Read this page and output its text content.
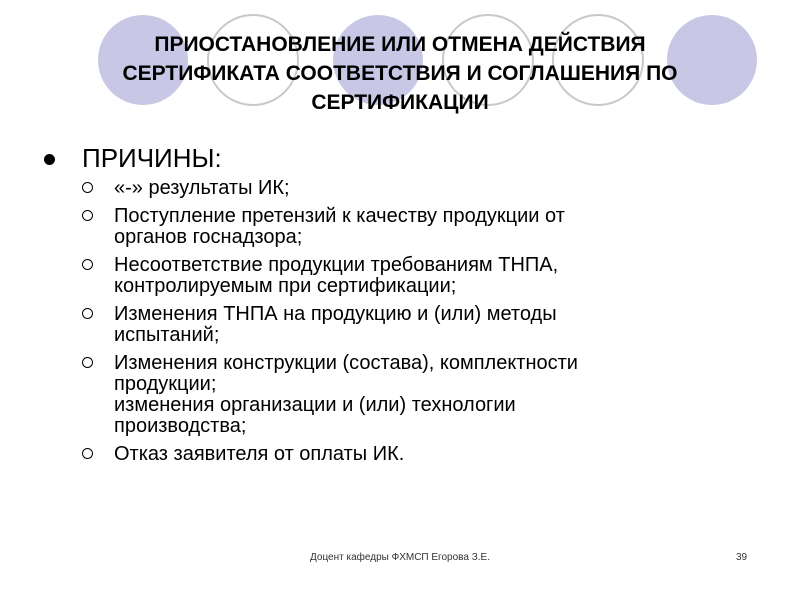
ПРИОСТАНОВЛЕНИЕ ИЛИ ОТМЕНА ДЕЙСТВИЯ
СЕРТИФИКАТА СООТВЕТСТВИЯ И СОГЛАШЕНИЯ ПО
СЕРТИФИКАЦИИ
ПРИЧИНЫ:
«-» результаты ИК;
Поступление претензий к качеству продукции от
органов госнадзора;
Несоответствие продукции требованиям ТНПА,
контролируемым при сертификации;
Изменения ТНПА на продукцию и (или) методы
испытаний;
Изменения конструкции (состава), комплектности
продукции;
изменения организации и (или) технологии
производства;
Отказ заявителя от оплаты ИК.
Доцент кафедры ФХМСП Егорова З.Е.	39
